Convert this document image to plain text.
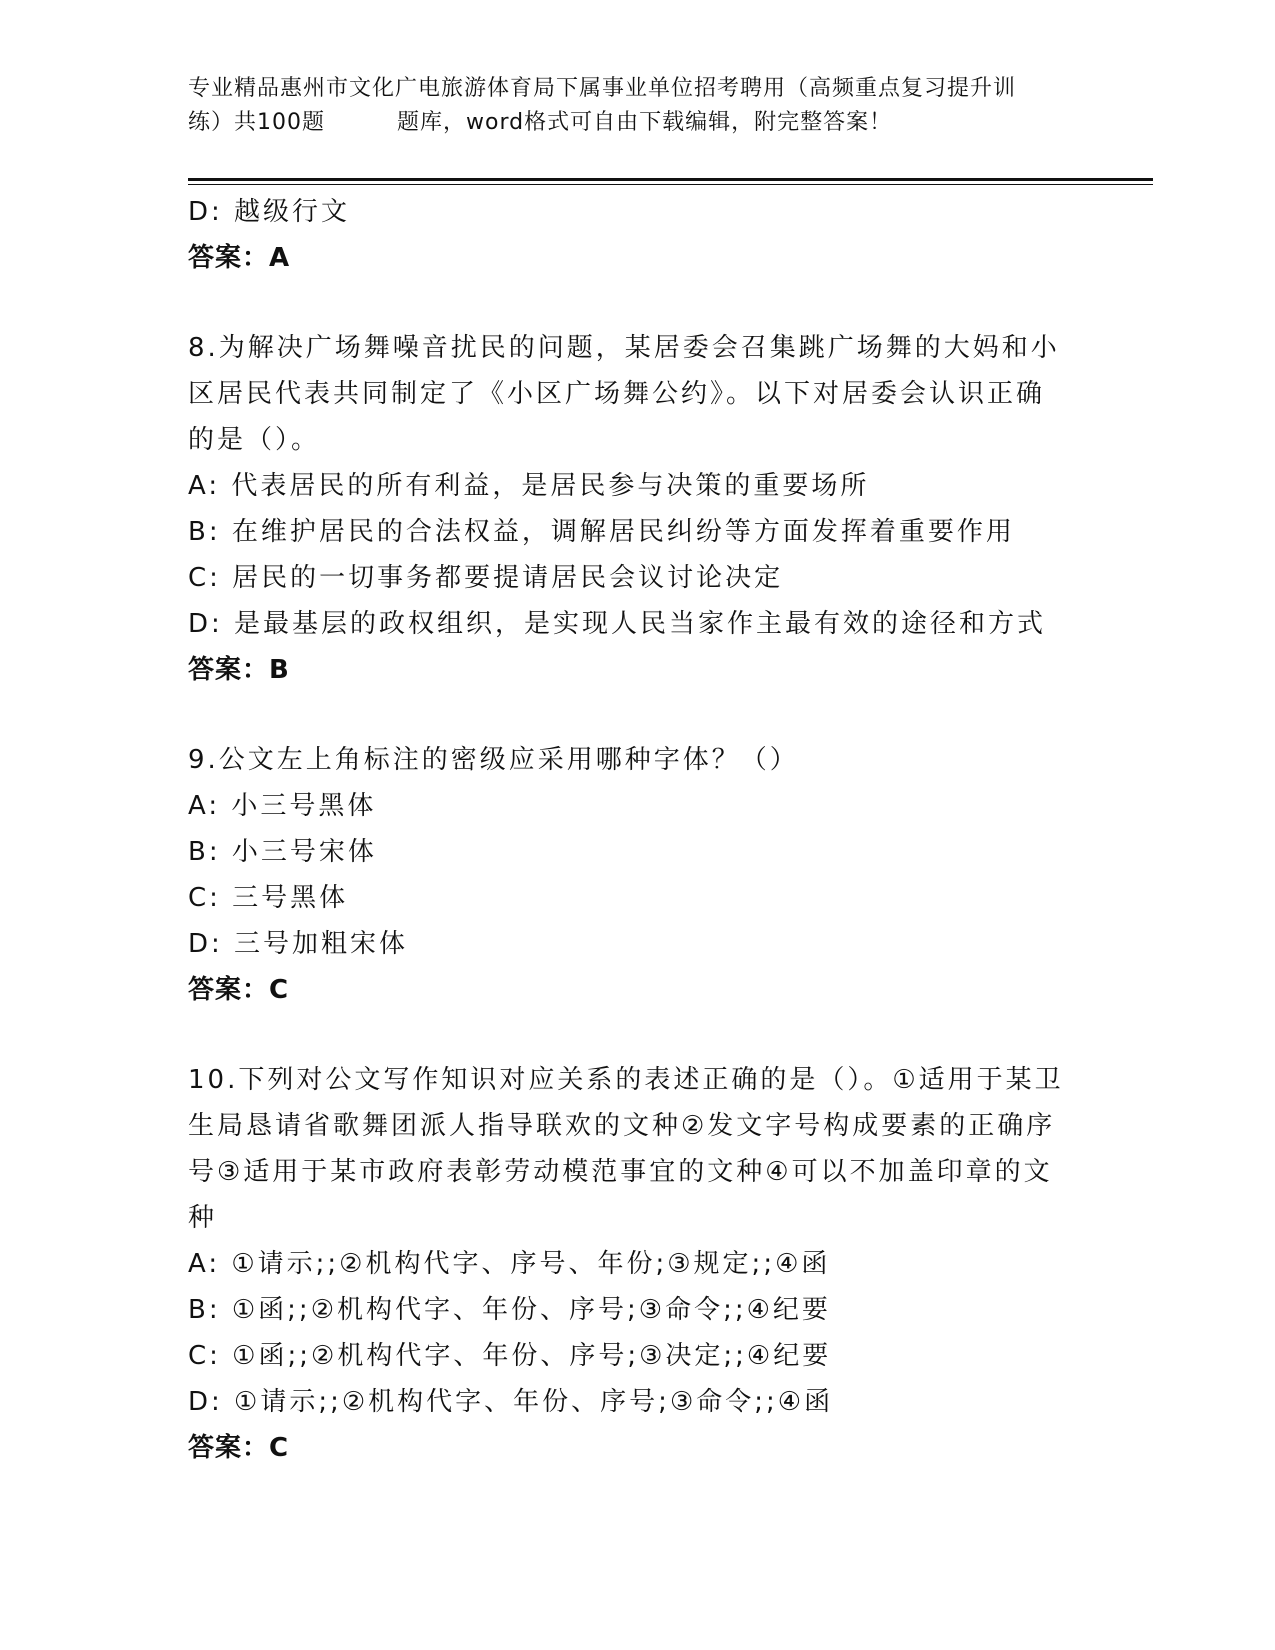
专业精品惠州市文化广电旅游体育局下属事业单位招考聘用（高频重点复习提升训
练）共100题	题库，word格式可自由下载编辑，附完整答案！
D: 越级行文
答案：A
8.为解决广场舞噪音扰民的问题，某居委会召集跳广场舞的大妈和小
区居民代表共同制定了《小区广场舞公约》。以下对居委会认识正确
的是（）。
A: 代表居民的所有利益，是居民参与决策的重要场所
B: 在维护居民的合法权益，调解居民纠纷等方面发挥着重要作用
C: 居民的一切事务都要提请居民会议讨论决定
D: 是最基层的政权组织，是实现人民当家作主最有效的途径和方式
答案：B
9.公文左上角标注的密级应采用哪种字体？（）
A: 小三号黑体
B: 小三号宋体
C: 三号黑体
D: 三号加粗宋体
答案：C
10.下列对公文写作知识对应关系的表述正确的是（）。①适用于某卫
生局恳请省歌舞团派人指导联欢的文种②发文字号构成要素的正确序
号③适用于某市政府表彰劳动模范事宜的文种④可以不加盖印章的文
种
A: ①请示;;②机构代字、序号、年份;③规定;;④函
B: ①函;;②机构代字、年份、序号;③命令;;④纪要
C: ①函;;②机构代字、年份、序号;③决定;;④纪要
D: ①请示;;②机构代字、年份、序号;③命令;;④函
答案：C
